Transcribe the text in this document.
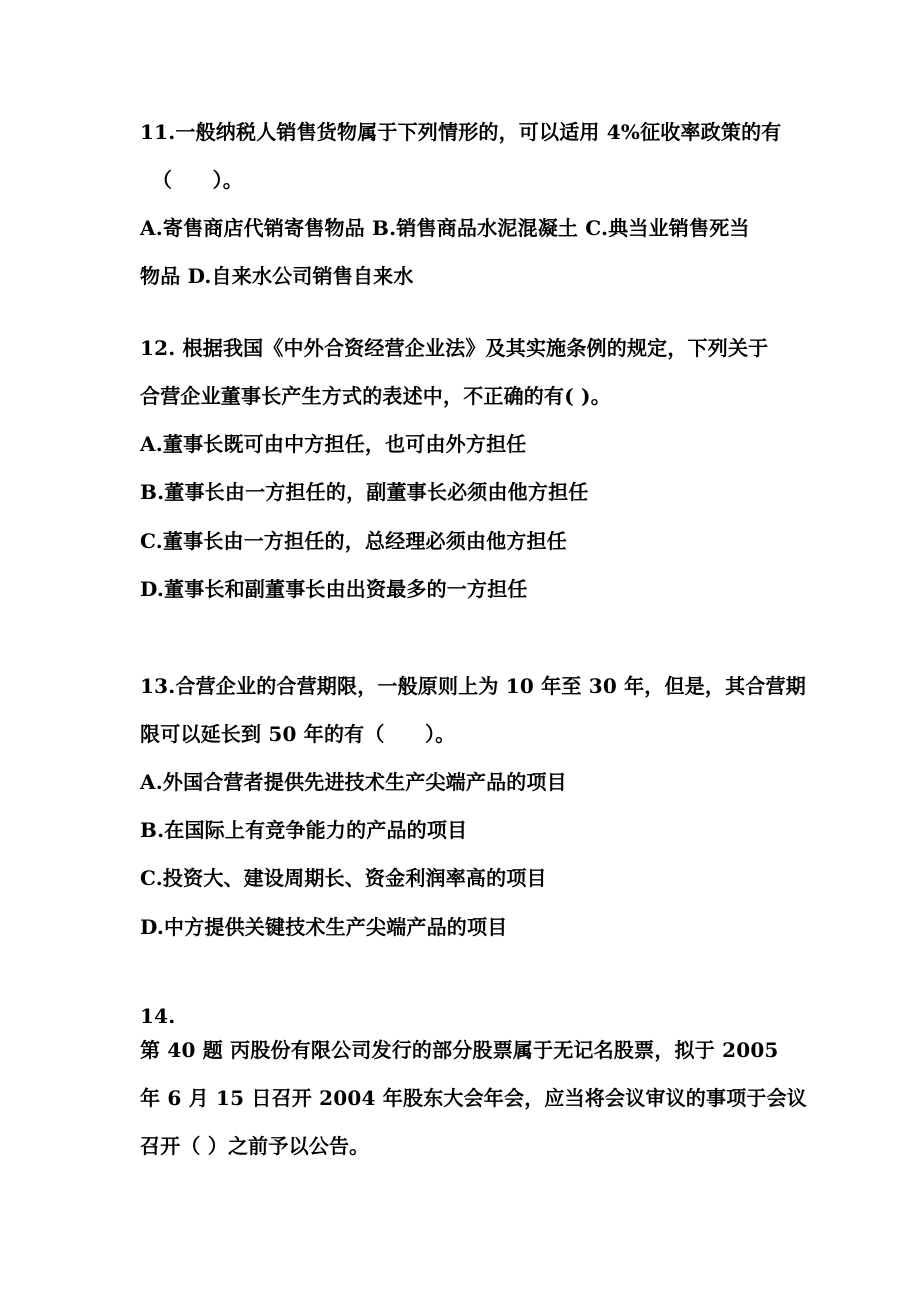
11.一般纳税人销售货物属于下列情形的，可以适用 4%征收率政策的有
（　　）。
A.寄售商店代销寄售物品 B.销售商品水泥混凝土 C.典当业销售死当
物品 D.自来水公司销售自来水
12. 根据我国《中外合资经营企业法》及其实施条例的规定，下列关于
合营企业董事长产生方式的表述中，不正确的有( )。
A.董事长既可由中方担任，也可由外方担任
B.董事长由一方担任的，副董事长必须由他方担任
C.董事长由一方担任的，总经理必须由他方担任
D.董事长和副董事长由出资最多的一方担任
13.合营企业的合营期限，一般原则上为 10 年至 30 年，但是，其合营期
限可以延长到 50 年的有（　　）。
A.外国合营者提供先进技术生产尖端产品的项目
B.在国际上有竞争能力的产品的项目
C.投资大、建设周期长、资金利润率高的项目
D.中方提供关键技术生产尖端产品的项目
14.
第 40 题 丙股份有限公司发行的部分股票属于无记名股票，拟于 2005
年 6 月 15 日召开 2004 年股东大会年会，应当将会议审议的事项于会议
召开（ ）之前予以公告。
